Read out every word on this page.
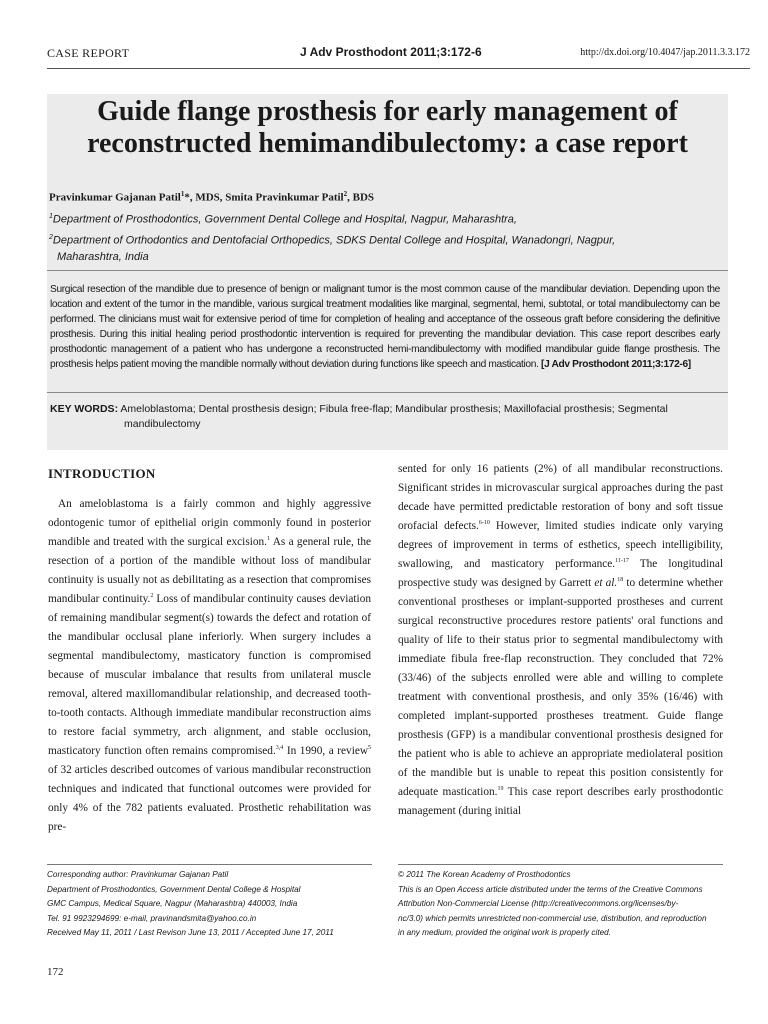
CASE REPORT	J Adv Prosthodont 2011;3:172-6	http://dx.doi.org/10.4047/jap.2011.3.3.172
Guide flange prosthesis for early management of
reconstructed hemimandibulectomy: a case report
Pravinkumar Gajanan Patil$^1$*, MDS, Smita Pravinkumar Patil$^2$, BDS
$^1$Department of Prosthodontics, Government Dental College and Hospital, Nagpur, Maharashtra,
$^2$Department of Orthodontics and Dentofacial Orthopedics, SDKS Dental College and Hospital, Wanadongri, Nagpur,
Maharashtra, India
Surgical resection of the mandible due to presence of benign or malignant tumor is the most common cause of the mandibular deviation. Depending upon the location and extent of the tumor in the mandible, various surgical treatment modalities like marginal, segmental, hemi, subtotal, or total mandibulectomy can be performed. The clinicians must wait for extensive period of time for completion of healing and acceptance of the osseous graft before considering the definitive prosthesis. During this initial healing period prosthodontic intervention is required for preventing the mandibular deviation. This case report describes early prosthodontic management of a patient who has undergone a reconstructed hemi-mandibulectomy with modified mandibular guide flange prosthesis. The prosthesis helps patient moving the mandible normally without deviation during functions like speech and mastication. [J Adv Prosthodont 2011;3:172-6]
KEY WORDS: Ameloblastoma; Dental prosthesis design; Fibula free-flap; Mandibular prosthesis; Maxillofacial prosthesis; Segmental
mandibulectomy
INTRODUCTION

An ameloblastoma is a fairly common and highly aggressive odontogenic tumor of epithelial origin commonly found in posterior mandible and treated with the surgical excision.$^1$ As a general rule, the resection of a portion of the mandible without loss of mandibular continuity is usually not as debilitating as a resection that compromises mandibular continuity.$^2$ Loss of mandibular continuity causes deviation of remaining mandibular segment(s) towards the defect and rotation of the mandibular occlusal plane inferiorly. When surgery includes a segmental mandibulectomy, masticatory function is compromised because of muscular imbalance that results from unilateral muscle removal, altered maxillomandibular relationship, and decreased tooth-to-tooth contacts. Although immediate mandibular reconstruction aims to restore facial symmetry, arch alignment, and stable occlusion, masticatory function often remains compromised.$^{3,4}$ In 1990, a review$^5$ of 32 articles described outcomes of various mandibular reconstruction techniques and indicated that functional outcomes were provided for only 4% of the 782 patients evaluated. Prosthetic rehabilitation was pre-

sented for only 16 patients (2%) of all mandibular reconstructions. Significant strides in microvascular surgical approaches during the past decade have permitted predictable restoration of bony and soft tissue orofacial defects.$^{6-10}$ However, limited studies indicate only varying degrees of improvement in terms of esthetics, speech intelligibility, swallowing, and masticatory performance.$^{11-17}$ The longitudinal prospective study was designed by Garrett et al.$^{18}$ to determine whether conventional prostheses or implant-supported prostheses and current surgical reconstructive procedures restore patients' oral functions and quality of life to their status prior to segmental mandibulectomy with immediate fibula free-flap reconstruction. They concluded that 72% (33/46) of the subjects enrolled were able and willing to complete treatment with conventional prosthesis, and only 35% (16/46) with completed implant-supported prostheses treatment. Guide flange prosthesis (GFP) is a mandibular conventional prosthesis designed for the patient who is able to achieve an appropriate mediolateral position of the mandible but is unable to repeat this position consistently for adequate mastication.$^{19}$ This case report describes early prosthodontic management (during initial

Corresponding author: Pravinkumar Gajanan Patil
Department of Prosthodontics, Government Dental College & Hospital
GMC Campus, Medical Square, Nagpur (Maharashtra) 440003, India
Tel. 91 9923294699: e-mail, pravinandsmita@yahoo.co.in
Received May 11, 2011 / Last Revison June 13, 2011 / Accepted June 17, 2011
© 2011 The Korean Academy of Prosthodontics
This is an Open Access article distributed under the terms of the Creative Commons
Attribution Non-Commercial License (http://creativecommons.org/licenses/by-
nc/3.0) which permits unrestricted non-commercial use, distribution, and reproduction
in any medium, provided the original work is properly cited.
172
